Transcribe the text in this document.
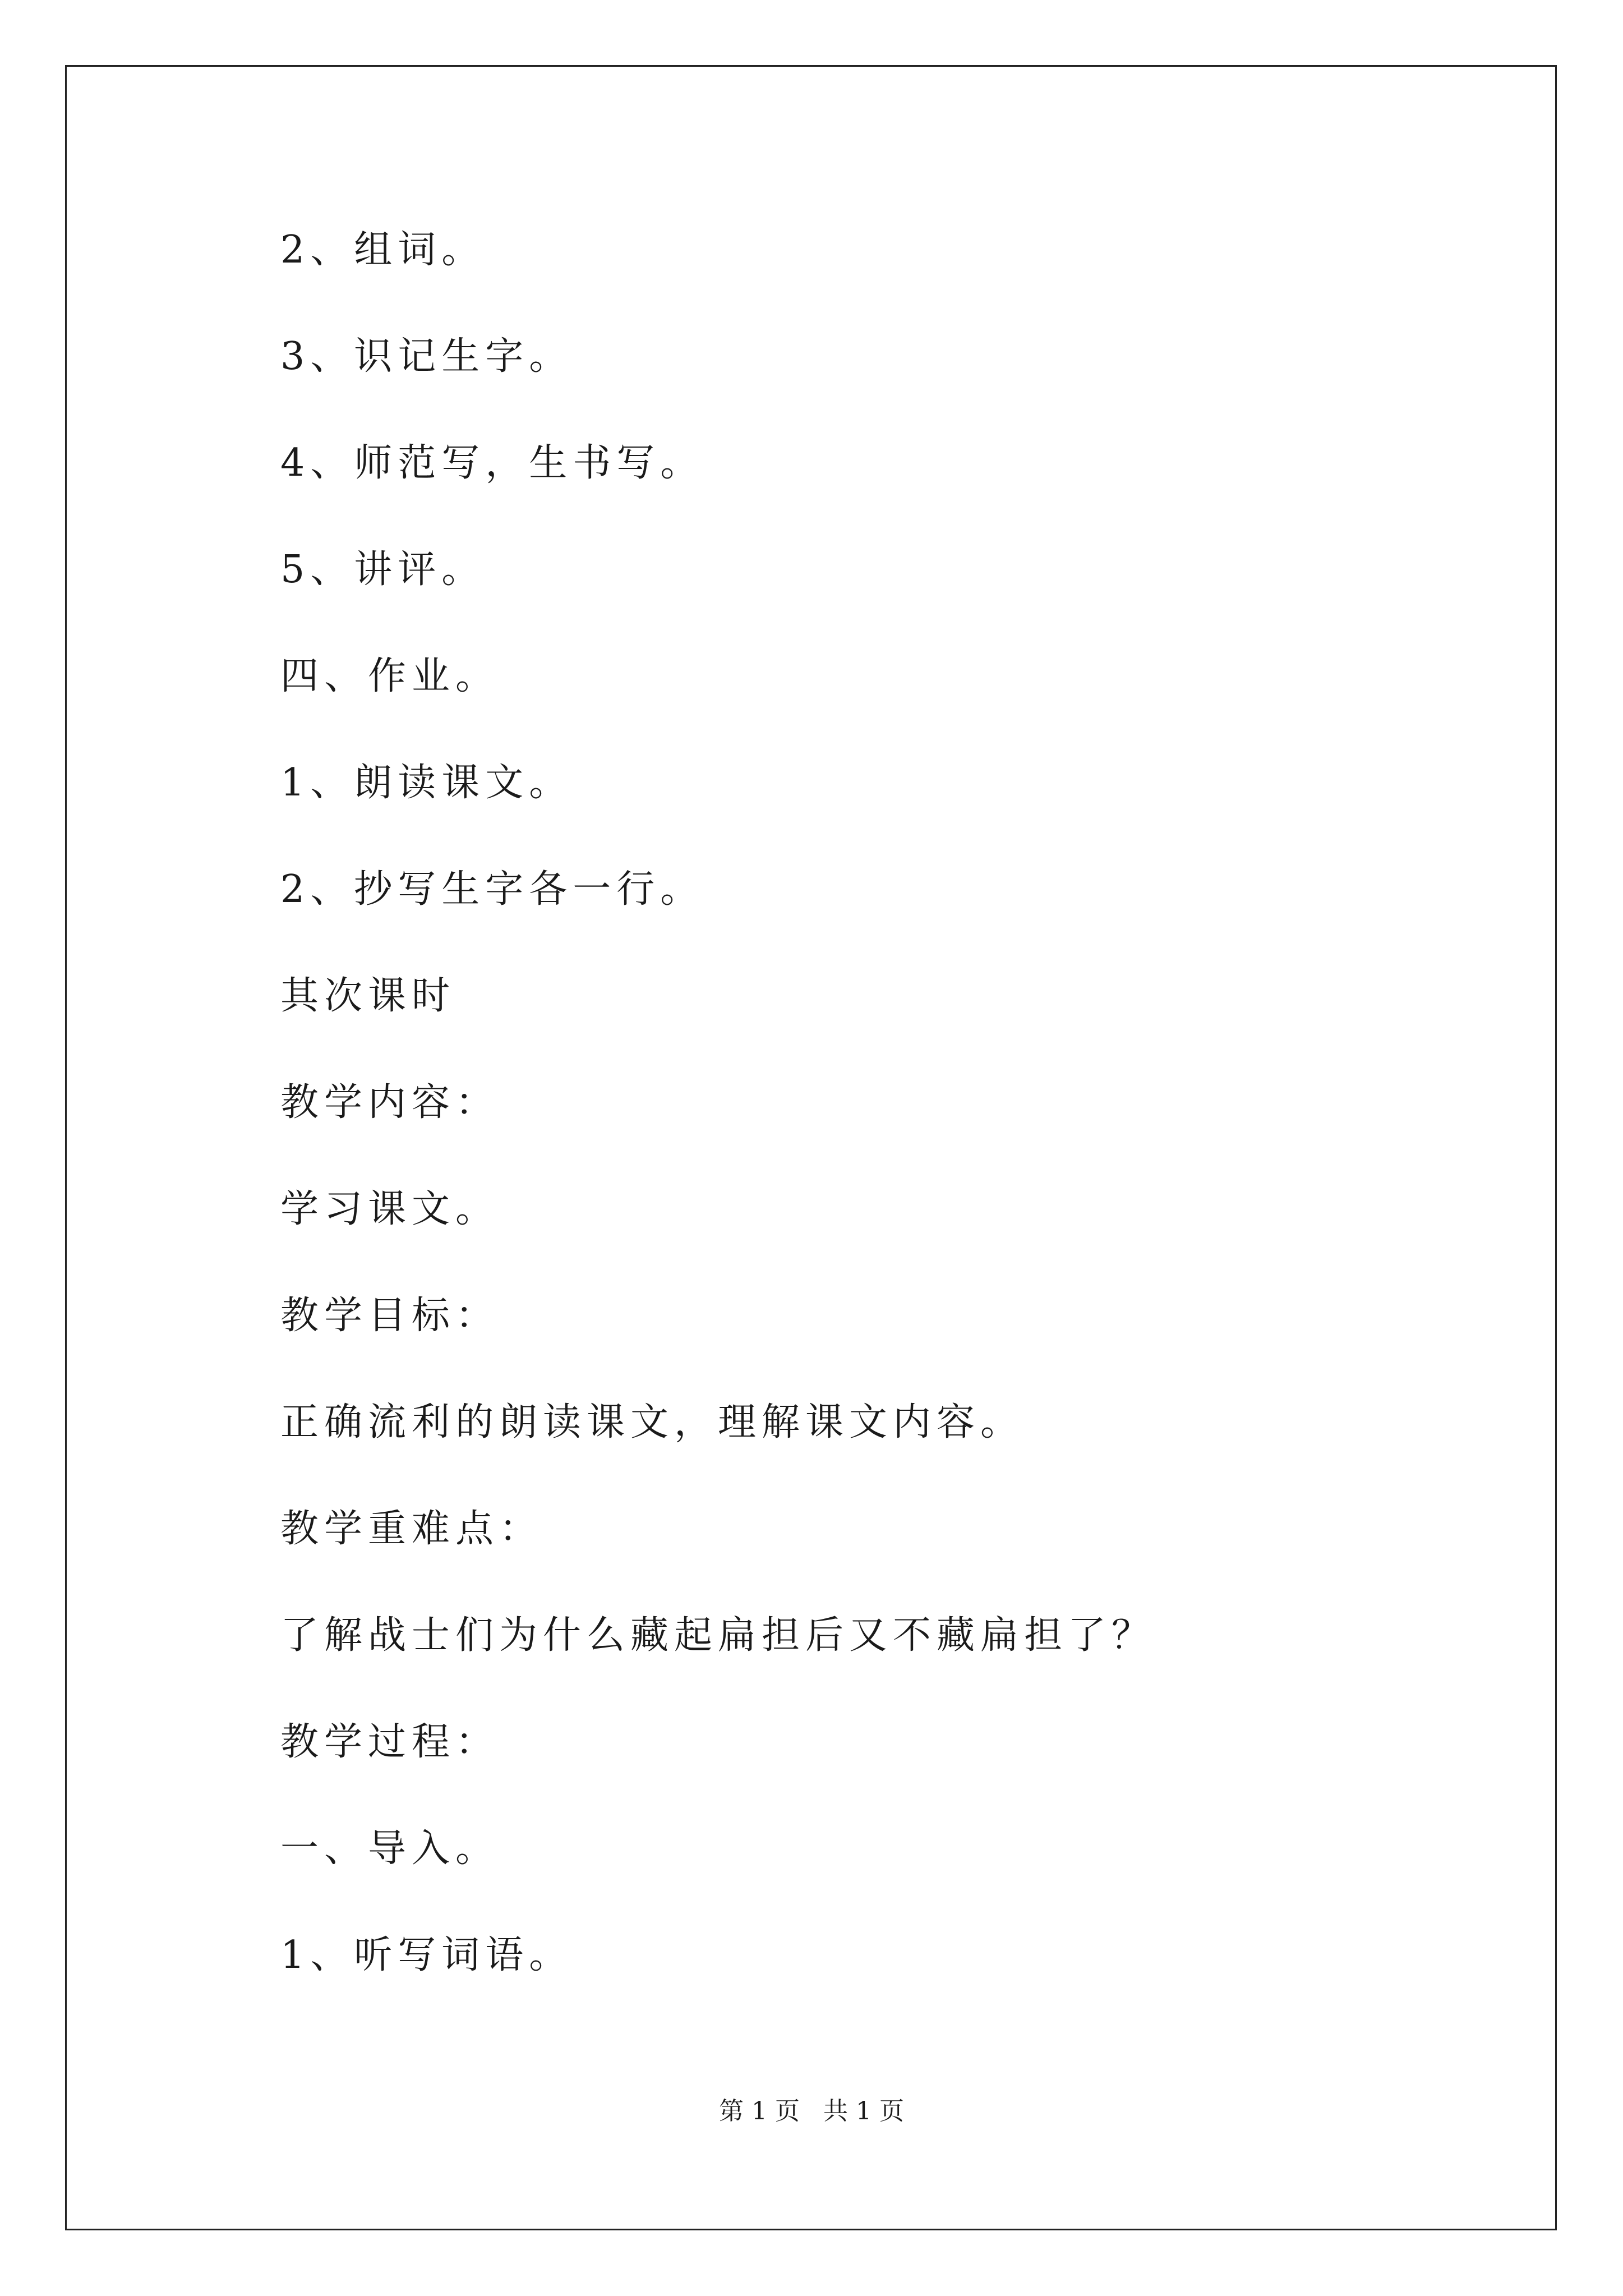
2、组词。

3、识记生字。

4、师范写，生书写。

5、讲评。

四、作业。

1、朗读课文。

2、抄写生字各一行。

其次课时

教学内容：

学习课文。

教学目标：

正确流利的朗读课文，理解课文内容。

教学重难点：

了解战士们为什么藏起扁担后又不藏扁担了？

教学过程：

一、导入。

1、听写词语。

第 1 页 共 1 页
